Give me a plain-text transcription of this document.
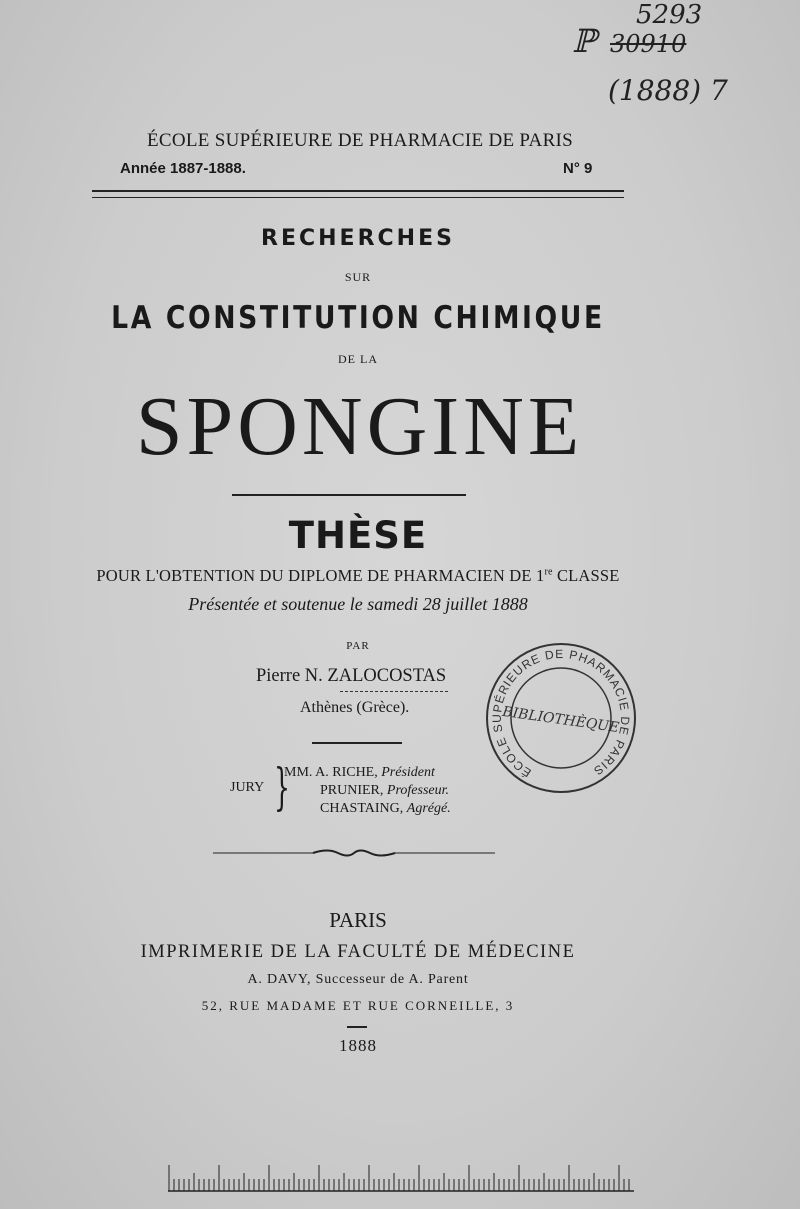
5293
ℙ 30910
(1888) 7
ÉCOLE SUPÉRIEURE DE PHARMACIE DE PARIS
Année 1887-1888.	N° 9
RECHERCHES
SUR
LA CONSTITUTION CHIMIQUE
DE LA
SPONGINE
THÈSE
POUR L'OBTENTION DU DIPLOME DE PHARMACIEN DE 1re CLASSE
Présentée et soutenue le samedi 28 juillet 1888
PAR
Pierre N. ZALOCOSTAS
Athènes (Grèce).
JURY }
MM. A. RICHE, Président
PRUNIER, Professeur.
CHASTAING, Agrégé.
ÉCOLE SUPÉRIEURE DE PHARMACIE DE PARIS
BIBLIOTHÈQUE
PARIS
IMPRIMERIE DE LA FACULTÉ DE MÉDECINE
A. DAVY, Successeur de A. Parent
52, RUE MADAME ET RUE CORNEILLE, 3
1888
